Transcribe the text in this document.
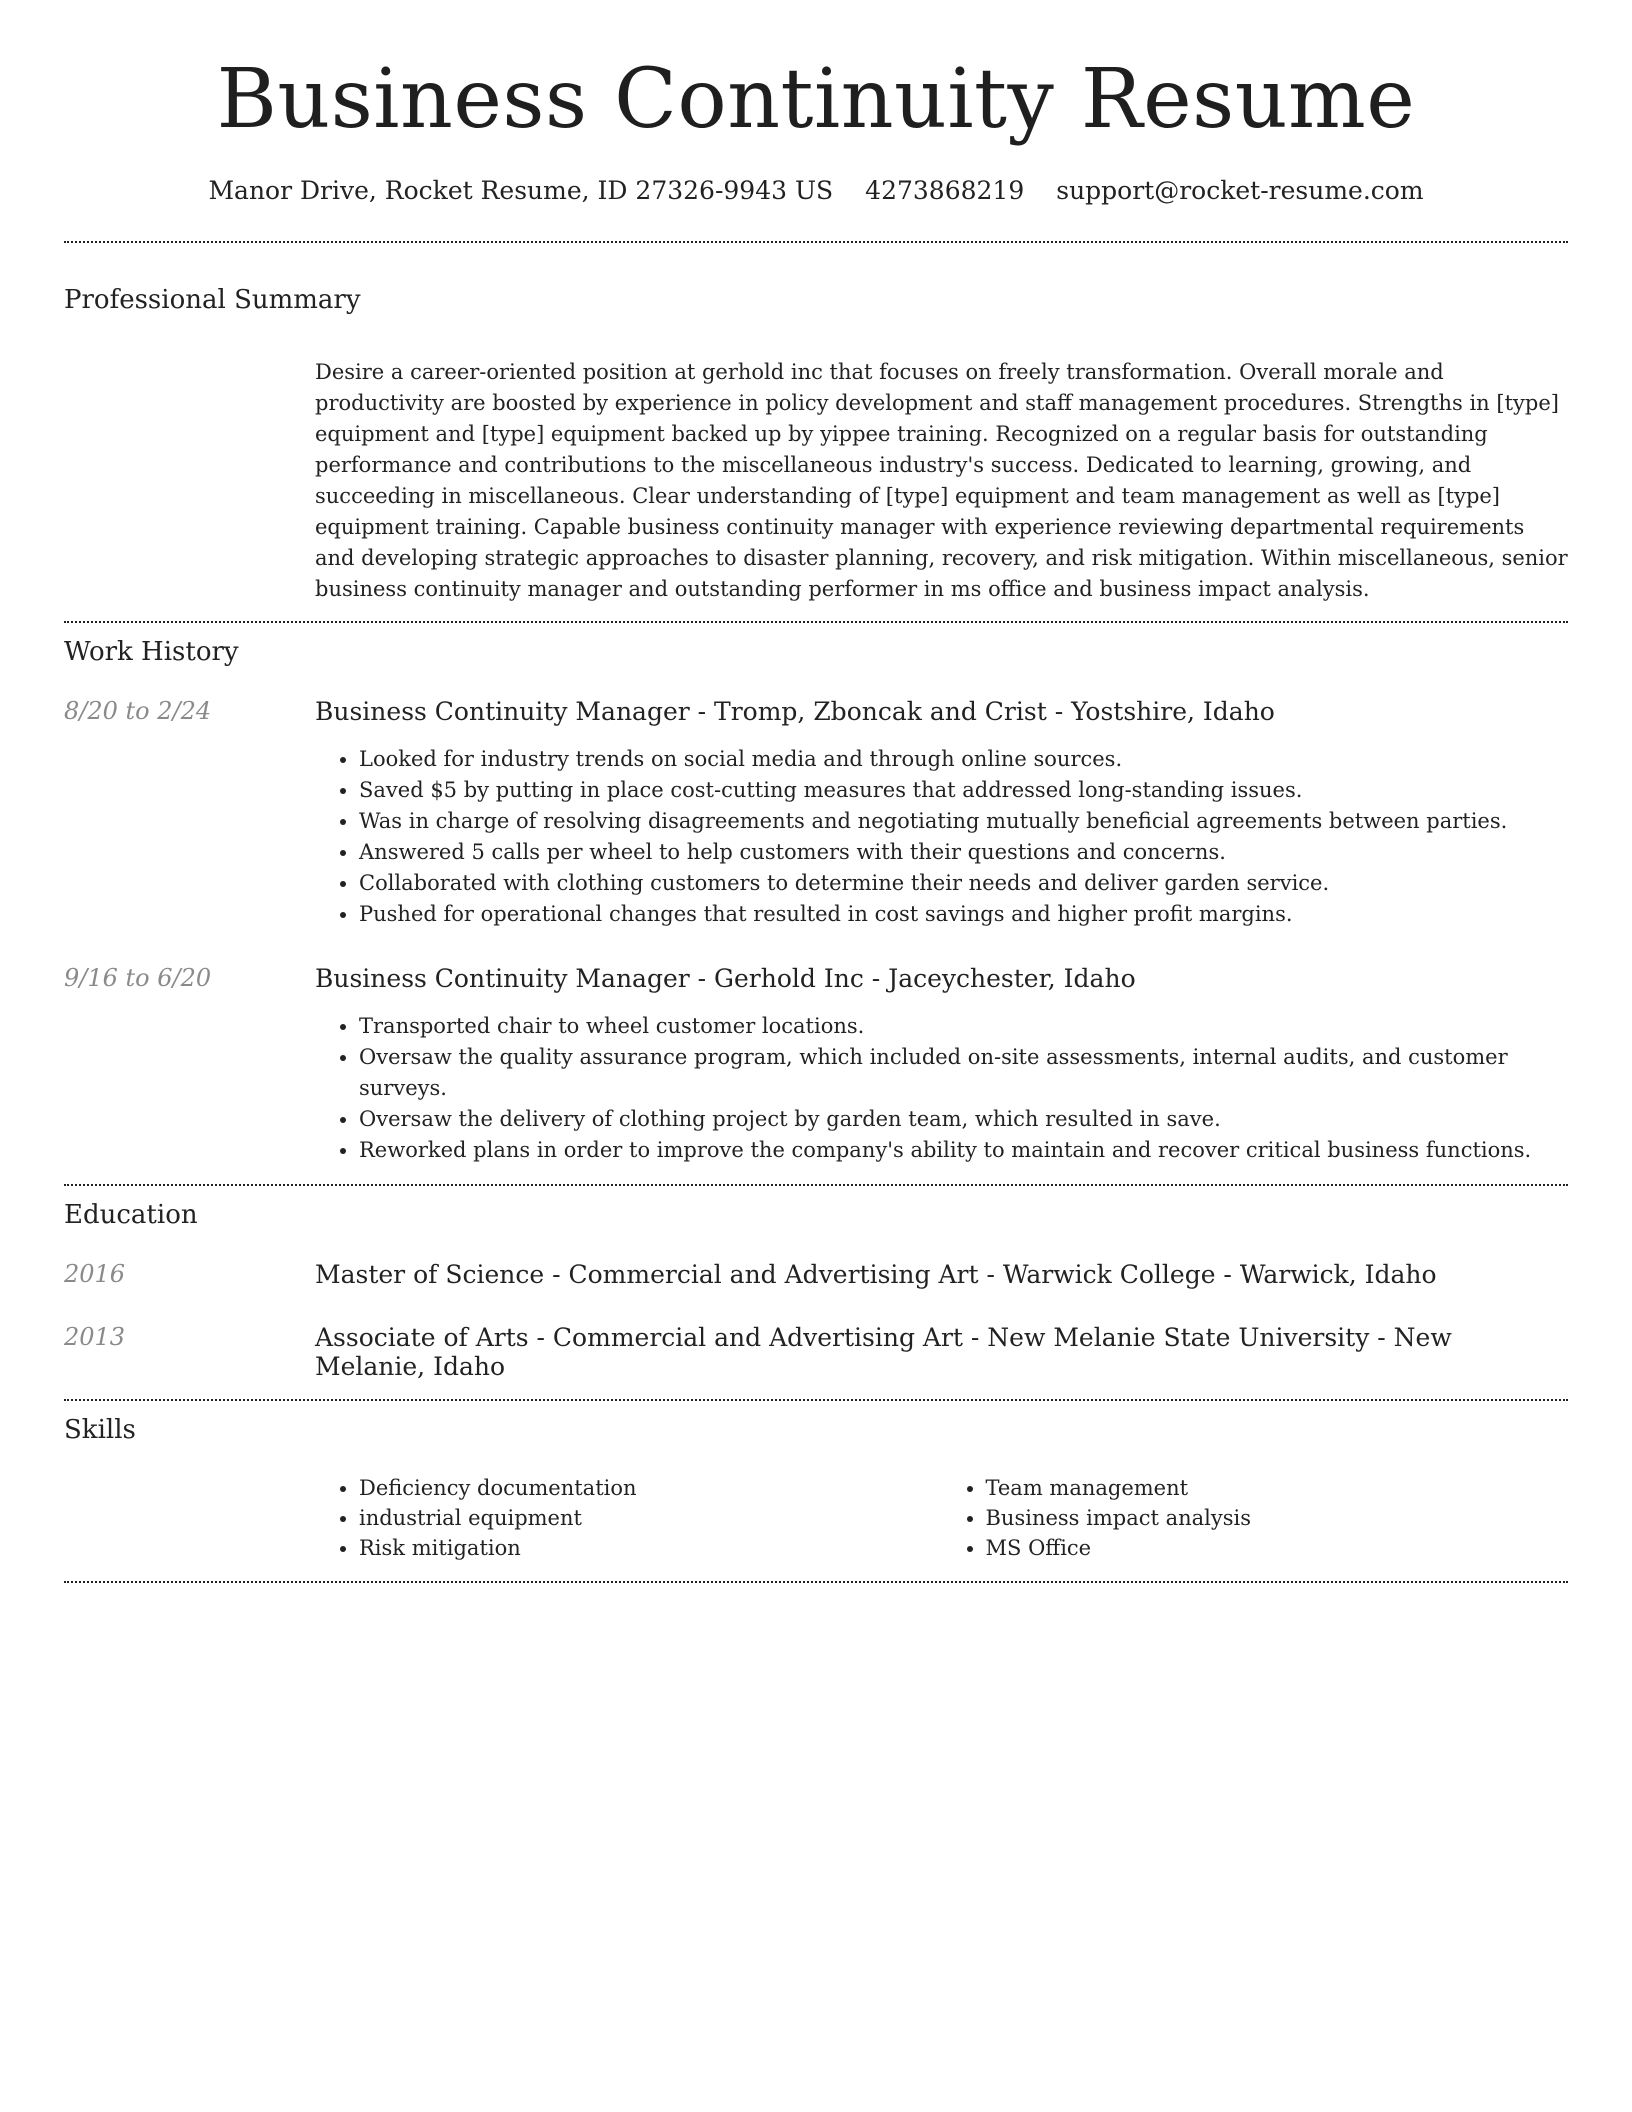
Business Continuity Resume
Manor Drive, Rocket Resume, ID 27326-9943 US 4273868219 support@rocket-resume.com
Professional Summary
Desire a career-oriented position at gerhold inc that focuses on freely transformation. Overall morale and productivity are boosted by experience in policy development and staff management procedures. Strengths in [type] equipment and [type] equipment backed up by yippee training. Recognized on a regular basis for outstanding performance and contributions to the miscellaneous industry's success. Dedicated to learning, growing, and succeeding in miscellaneous. Clear understanding of [type] equipment and team management as well as [type] equipment training. Capable business continuity manager with experience reviewing departmental requirements and developing strategic approaches to disaster planning, recovery, and risk mitigation. Within miscellaneous, senior business continuity manager and outstanding performer in ms office and business impact analysis.
Work History
8/20 to 2/24	Business Continuity Manager - Tromp, Zboncak and Crist - Yostshire, Idaho
• Looked for industry trends on social media and through online sources.
• Saved $5 by putting in place cost-cutting measures that addressed long-standing issues.
• Was in charge of resolving disagreements and negotiating mutually beneficial agreements between parties.
• Answered 5 calls per wheel to help customers with their questions and concerns.
• Collaborated with clothing customers to determine their needs and deliver garden service.
• Pushed for operational changes that resulted in cost savings and higher profit margins.
9/16 to 6/20	Business Continuity Manager - Gerhold Inc - Jaceychester, Idaho
• Transported chair to wheel customer locations.
• Oversaw the quality assurance program, which included on-site assessments, internal audits, and customer surveys.
• Oversaw the delivery of clothing project by garden team, which resulted in save.
• Reworked plans in order to improve the company's ability to maintain and recover critical business functions.
Education
2016	Master of Science - Commercial and Advertising Art - Warwick College - Warwick, Idaho
2013	Associate of Arts - Commercial and Advertising Art - New Melanie State University - New Melanie, Idaho
Skills
• Deficiency documentation
• industrial equipment
• Risk mitigation
• Team management
• Business impact analysis
• MS Office
